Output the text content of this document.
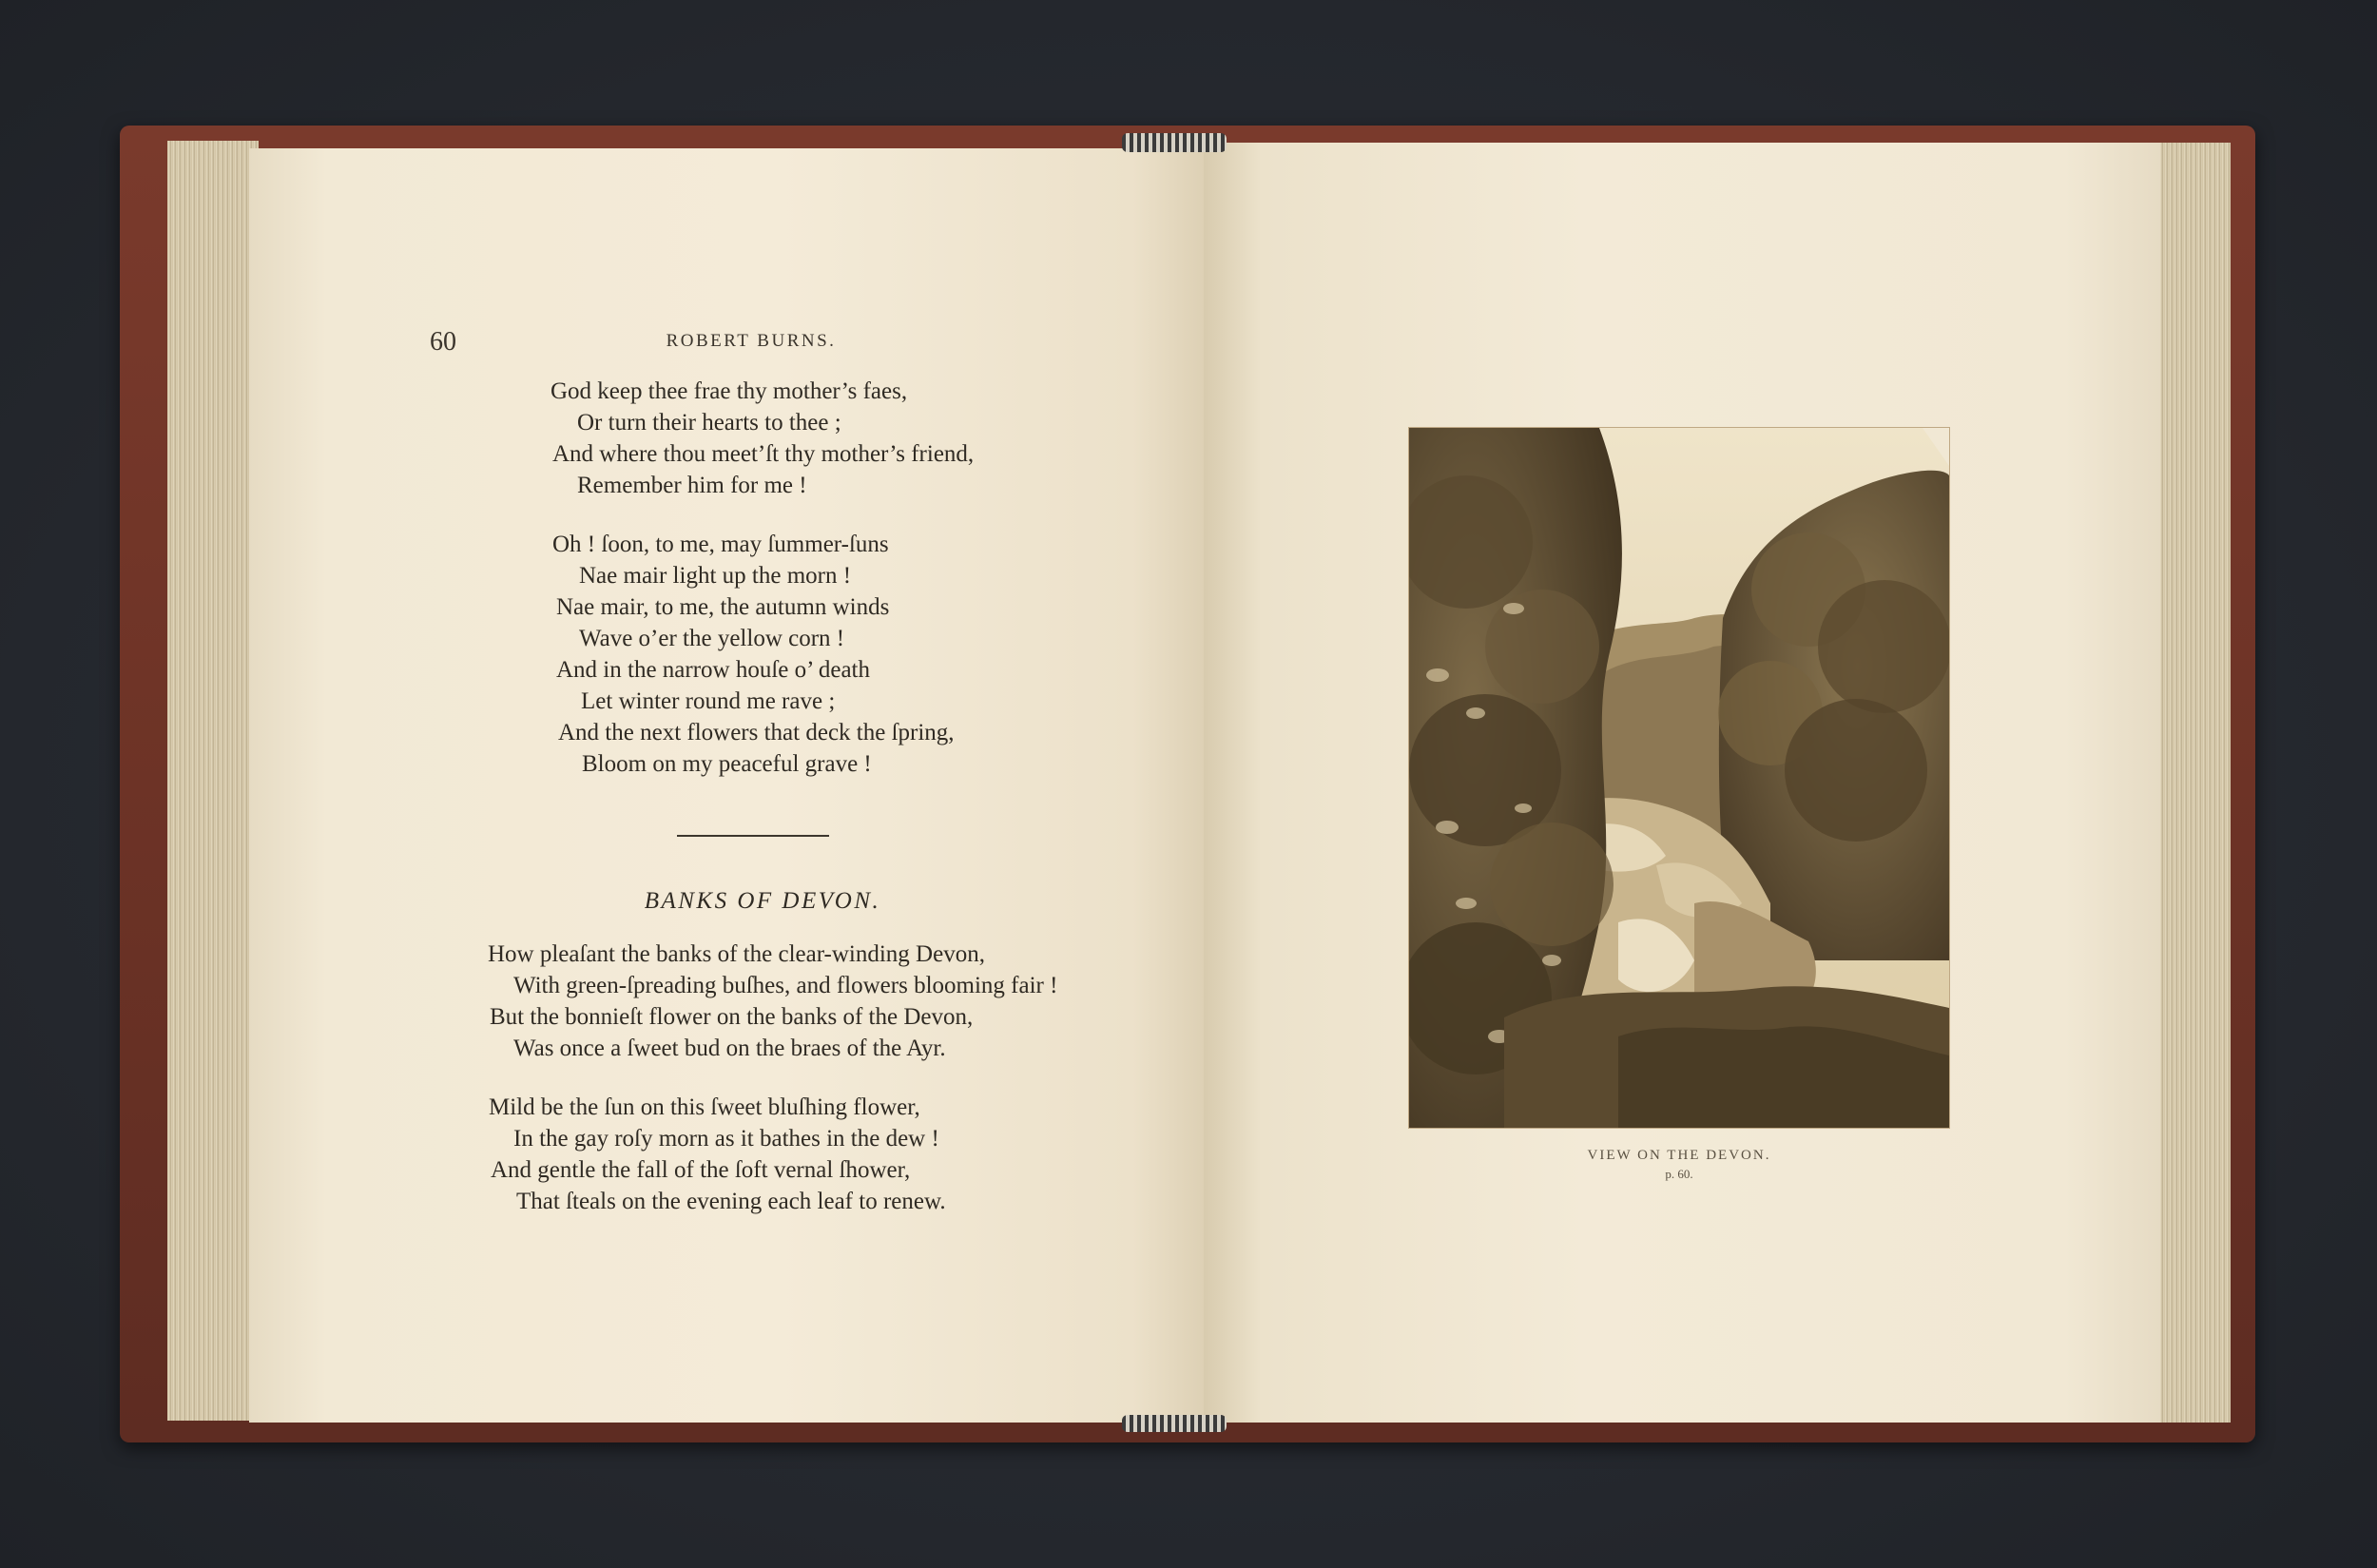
60	ROBERT BURNS.
God keep thee frae thy mother’s faes,
Or turn their hearts to thee ;
And where thou meet’ſt thy mother’s friend,
Remember him for me !
Oh ! ſoon, to me, may ſummer-ſuns
Nae mair light up the morn !
Nae mair, to me, the autumn winds
Wave o’er the yellow corn !
And in the narrow houſe o’ death
Let winter round me rave ;
And the next flowers that deck the ſpring,
Bloom on my peaceful grave !
BANKS OF DEVON.
How pleaſant the banks of the clear-winding Devon,
With green-ſpreading buſhes, and flowers blooming fair !
But the bonnieſt flower on the banks of the Devon,
Was once a ſweet bud on the braes of the Ayr.
Mild be the ſun on this ſweet bluſhing flower,
In the gay roſy morn as it bathes in the dew !
And gentle the fall of the ſoft vernal ſhower,
That ſteals on the evening each leaf to renew.
VIEW ON THE DEVON.
p. 60.
